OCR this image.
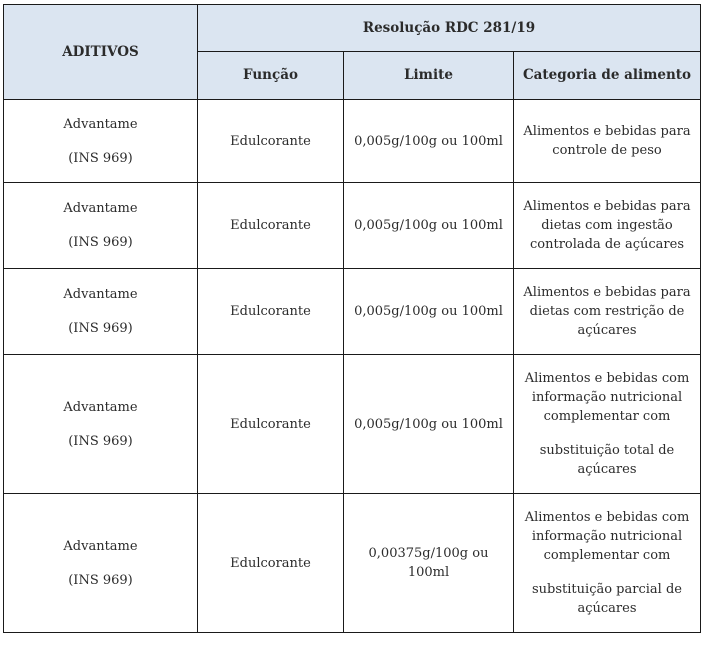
ADITIVOS	Resolução RDC 281/19		
	Função	Limite	Categoria de alimento

Advantame
(INS 969)	Edulcorante	0,005g/100g ou 100ml	Alimentos e bebidas para controle de peso

Advantame
(INS 969)	Edulcorante	0,005g/100g ou 100ml	Alimentos e bebidas para dietas com ingestão controlada de açúcares

Advantame
(INS 969)	Edulcorante	0,005g/100g ou 100ml	Alimentos e bebidas para dietas com restrição de açúcares

Advantame
(INS 969)	Edulcorante	0,005g/100g ou 100ml	Alimentos e bebidas com informação nutricional complementar com
substituição total de açúcares

Advantame
(INS 969)	Edulcorante	0,00375g/100g ou 100ml	Alimentos e bebidas com informação nutricional complementar com
substituição parcial de açúcares
